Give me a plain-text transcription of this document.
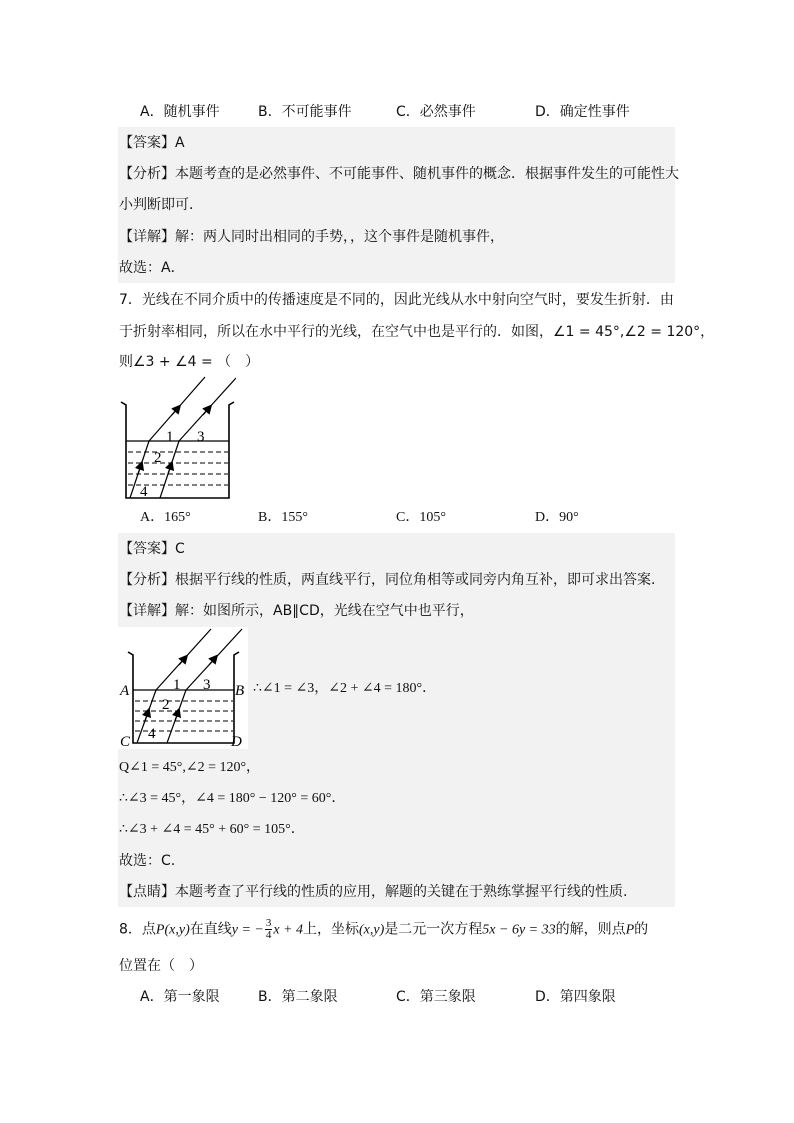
A．随机事件	B．不可能事件	C．必然事件	D．确定性事件
【答案】A
【分析】本题考查的是必然事件、不可能事件、随机事件的概念．根据事件发生的可能性大
小判断即可．
【详解】解：两人同时出相同的手势，，这个事件是随机事件，
故选：A．
7．光线在不同介质中的传播速度是不同的，因此光线从水中射向空气时，要发生折射．由
于折射率相同，所以在水中平行的光线，在空气中也是平行的．如图，∠1 = 45°,∠2 = 120°，
则∠3 + ∠4 = （　）
1
2
3
4
A．165°	B．155°	C．105°	D．90°
【答案】C
【分析】根据平行线的性质，两直线平行，同位角相等或同旁内角互补，即可求出答案.
【详解】解：如图所示，AB∥CD，光线在空气中也平行，
1
2
3
4
A	B
C	D
∴∠1 = ∠3，∠2 + ∠4 = 180°．
Q∠1 = 45°,∠2 = 120°，
∴∠3 = 45°，∠4 = 180° − 120° = 60°．
∴∠3 + ∠4 = 45° + 60° = 105°．
故选：C.
【点睛】本题考查了平行线的性质的应用，解题的关键在于熟练掌握平行线的性质.
8．点P(x,y)在直线y = − $\frac{3}{4}$ x + 4上，坐标(x,y)是二元一次方程5x − 6y = 33的解，则点P的
位置在（　）
A．第一象限	B．第二象限	C．第三象限	D．第四象限
